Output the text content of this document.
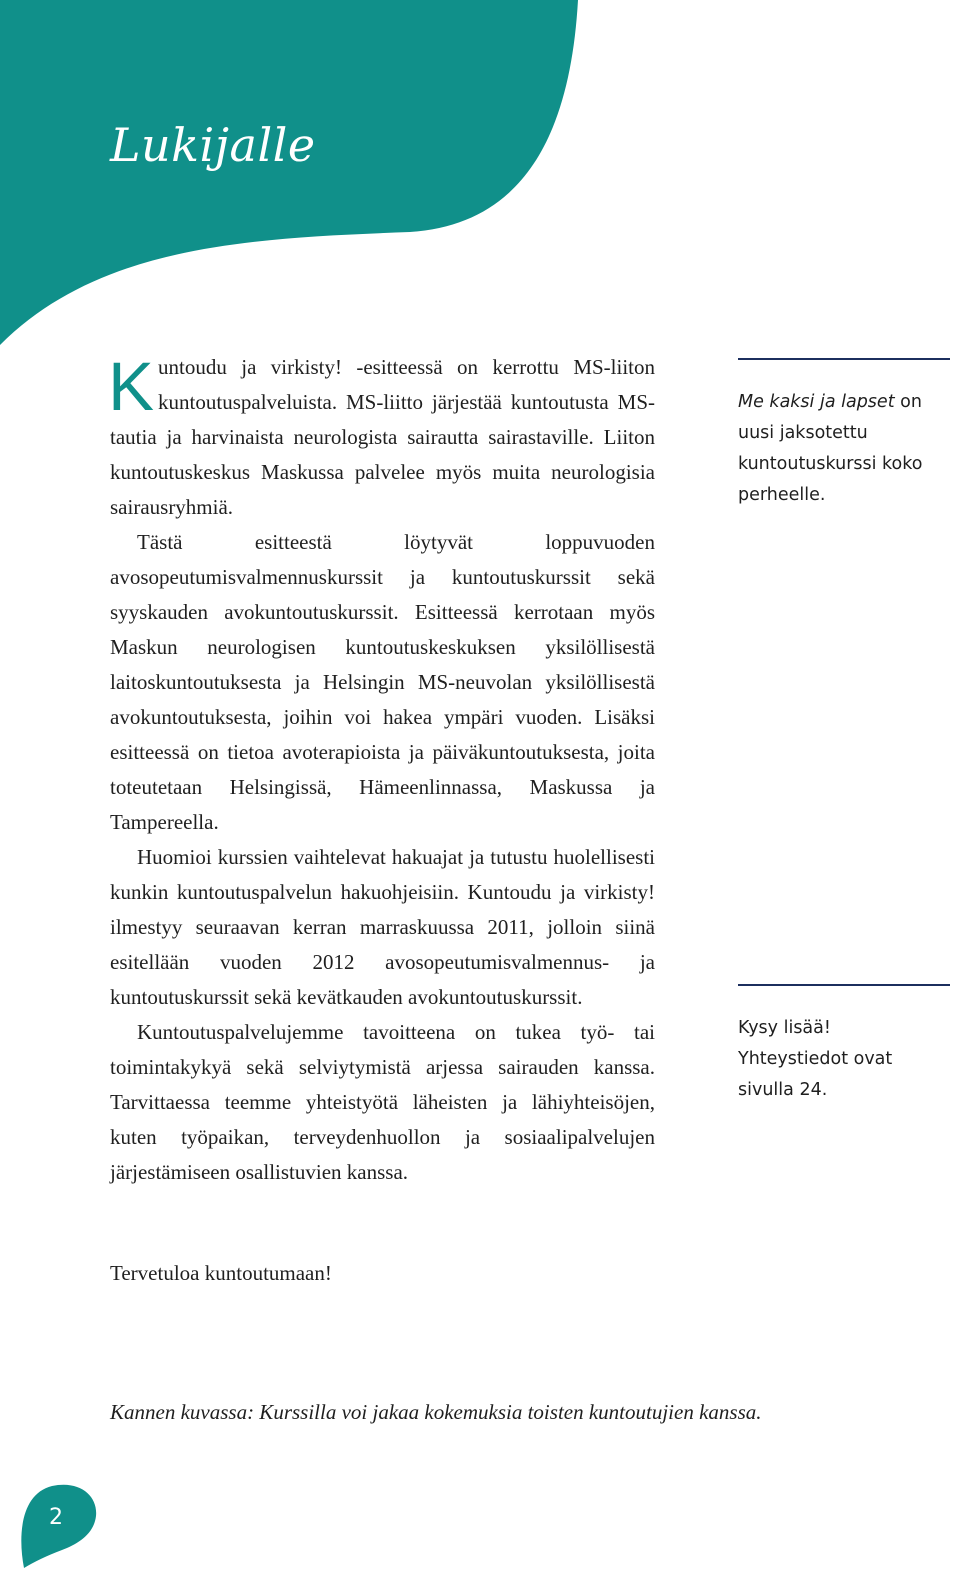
Lukijalle

Kuntoudu ja virkisty! -esitteessä on kerrottu MS-liiton kuntoutuspalveluista. MS-liitto järjestää kuntoutusta MS-tautia ja harvinaista neurologista sairautta sairastaville. Liiton kuntoutuskeskus Maskussa palvelee myös muita neurologisia sairausryhmiä.

Tästä esitteestä löytyvät loppuvuoden avosopeutumisvalmennuskurssit ja kuntoutuskurssit sekä syyskauden avokuntoutuskurssit. Esitteessä kerrotaan myös Maskun neurologisen kuntoutuskeskuksen yksilöllisestä laitoskuntoutuksesta ja Helsingin MS-neuvolan yksilöllisestä avokuntoutuksesta, joihin voi hakea ympäri vuoden. Lisäksi esitteessä on tietoa avoterapioista ja päiväkuntoutuksesta, joita toteutetaan Helsingissä, Hämeenlinnassa, Maskussa ja Tampereella.

Huomioi kurssien vaihtelevat hakuajat ja tutustu huolellisesti kunkin kuntoutuspalvelun hakuohjeisiin. Kuntoudu ja virkisty! ilmestyy seuraavan kerran marraskuussa 2011, jolloin siinä esitellään vuoden 2012 avosopeutumisvalmennus- ja kuntoutuskurssit sekä kevätkauden avokuntoutuskurssit.

Kuntoutuspalvelujemme tavoitteena on tukea työ- tai toimintakykyä sekä selviytymistä arjessa sairauden kanssa. Tarvittaessa teemme yhteistyötä läheisten ja lähiyhteisöjen, kuten työpaikan, terveydenhuollon ja sosiaalipalvelujen järjestämiseen osallistuvien kanssa.

Me kaksi ja lapset on uusi jaksotettu kuntoutuskurssi koko perheelle.

Kysy lisää!
Yhteystiedot ovat sivulla 24.

Tervetuloa kuntoutumaan!

Kannen kuvassa: Kurssilla voi jakaa kokemuksia toisten kuntoutujien kanssa.

2
